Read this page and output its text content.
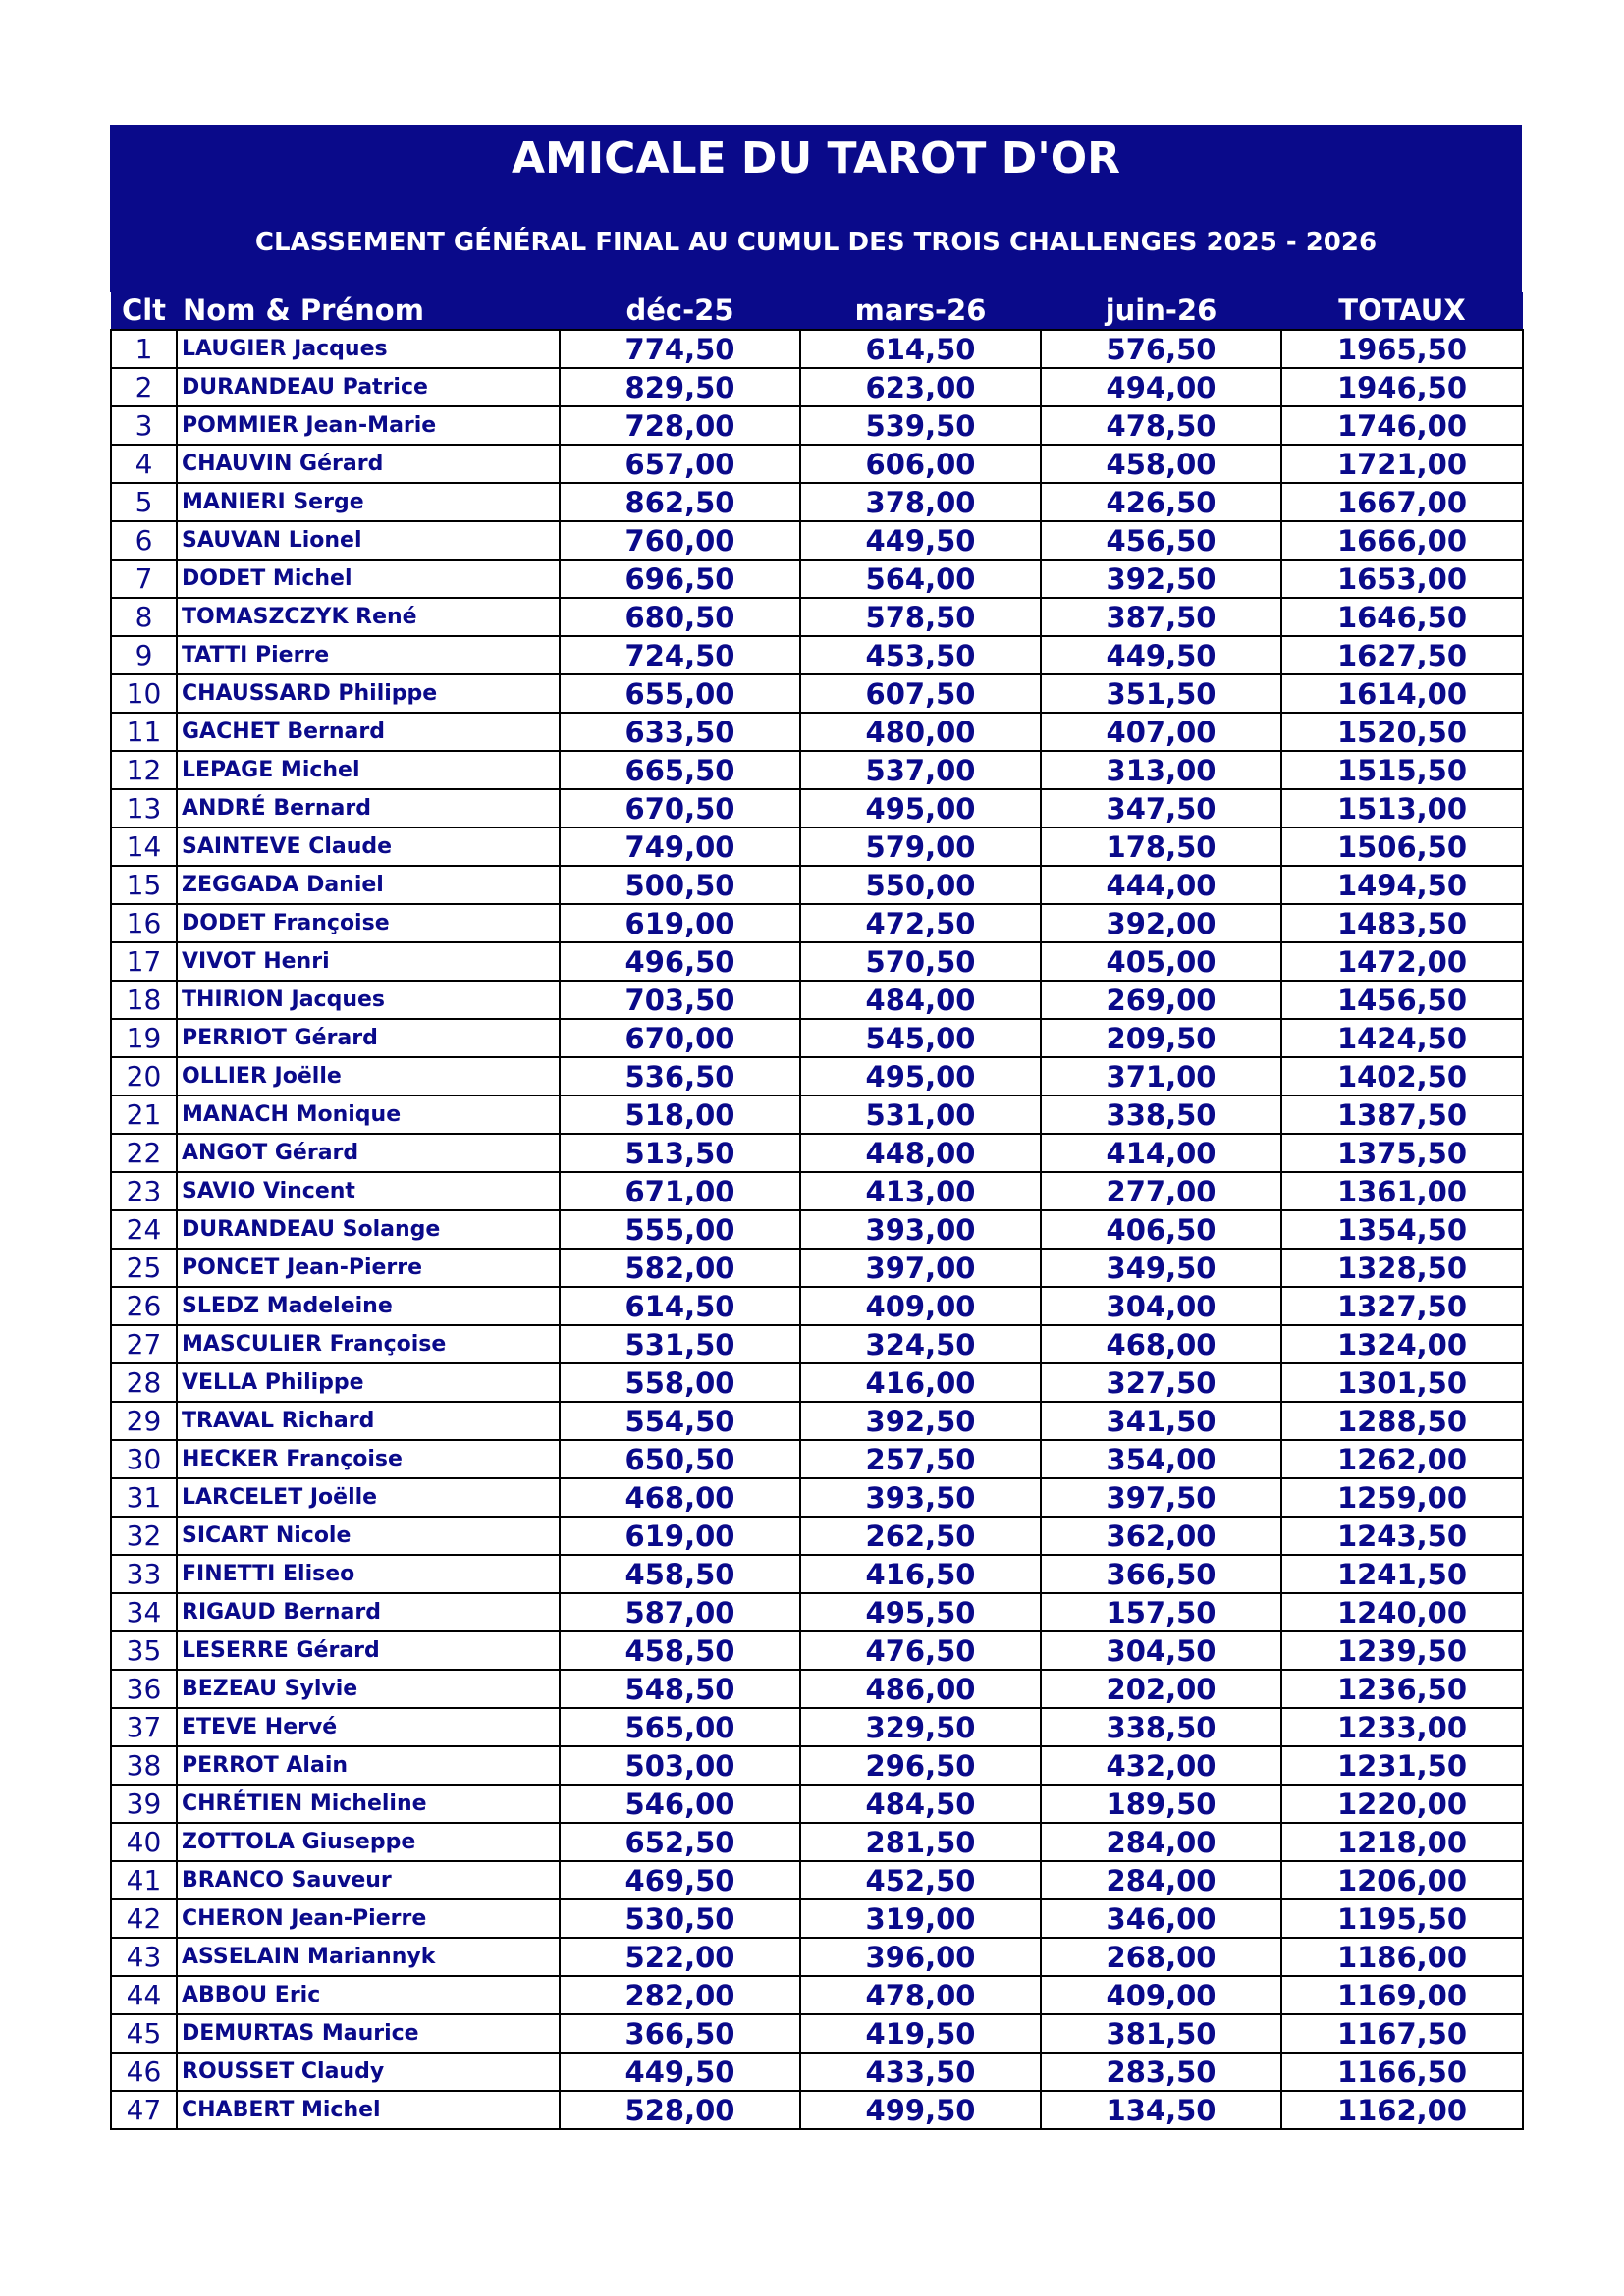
AMICALE DU TAROT D'OR
CLASSEMENT GÉNÉRAL FINAL AU CUMUL DES TROIS CHALLENGES 2025 - 2026
Clt	Nom & Prénom	déc-25	mars-26	juin-26	TOTAUX
1	LAUGIER Jacques	774,50	614,50	576,50	1965,50
2	DURANDEAU Patrice	829,50	623,00	494,00	1946,50
3	POMMIER Jean-Marie	728,00	539,50	478,50	1746,00
4	CHAUVIN Gérard	657,00	606,00	458,00	1721,00
5	MANIERI Serge	862,50	378,00	426,50	1667,00
6	SAUVAN Lionel	760,00	449,50	456,50	1666,00
7	DODET Michel	696,50	564,00	392,50	1653,00
8	TOMASZCZYK René	680,50	578,50	387,50	1646,50
9	TATTI Pierre	724,50	453,50	449,50	1627,50
10	CHAUSSARD Philippe	655,00	607,50	351,50	1614,00
11	GACHET Bernard	633,50	480,00	407,00	1520,50
12	LEPAGE Michel	665,50	537,00	313,00	1515,50
13	ANDRÉ Bernard	670,50	495,00	347,50	1513,00
14	SAINTEVE Claude	749,00	579,00	178,50	1506,50
15	ZEGGADA Daniel	500,50	550,00	444,00	1494,50
16	DODET Françoise	619,00	472,50	392,00	1483,50
17	VIVOT Henri	496,50	570,50	405,00	1472,00
18	THIRION Jacques	703,50	484,00	269,00	1456,50
19	PERRIOT Gérard	670,00	545,00	209,50	1424,50
20	OLLIER Joëlle	536,50	495,00	371,00	1402,50
21	MANACH Monique	518,00	531,00	338,50	1387,50
22	ANGOT Gérard	513,50	448,00	414,00	1375,50
23	SAVIO Vincent	671,00	413,00	277,00	1361,00
24	DURANDEAU Solange	555,00	393,00	406,50	1354,50
25	PONCET Jean-Pierre	582,00	397,00	349,50	1328,50
26	SLEDZ Madeleine	614,50	409,00	304,00	1327,50
27	MASCULIER Françoise	531,50	324,50	468,00	1324,00
28	VELLA Philippe	558,00	416,00	327,50	1301,50
29	TRAVAL Richard	554,50	392,50	341,50	1288,50
30	HECKER Françoise	650,50	257,50	354,00	1262,00
31	LARCELET Joëlle	468,00	393,50	397,50	1259,00
32	SICART Nicole	619,00	262,50	362,00	1243,50
33	FINETTI Eliseo	458,50	416,50	366,50	1241,50
34	RIGAUD Bernard	587,00	495,50	157,50	1240,00
35	LESERRE Gérard	458,50	476,50	304,50	1239,50
36	BEZEAU Sylvie	548,50	486,00	202,00	1236,50
37	ETEVE Hervé	565,00	329,50	338,50	1233,00
38	PERROT Alain	503,00	296,50	432,00	1231,50
39	CHRÉTIEN Micheline	546,00	484,50	189,50	1220,00
40	ZOTTOLA Giuseppe	652,50	281,50	284,00	1218,00
41	BRANCO Sauveur	469,50	452,50	284,00	1206,00
42	CHERON Jean-Pierre	530,50	319,00	346,00	1195,50
43	ASSELAIN Mariannyk	522,00	396,00	268,00	1186,00
44	ABBOU Eric	282,00	478,00	409,00	1169,00
45	DEMURTAS Maurice	366,50	419,50	381,50	1167,50
46	ROUSSET Claudy	449,50	433,50	283,50	1166,50
47	CHABERT Michel	528,00	499,50	134,50	1162,00
